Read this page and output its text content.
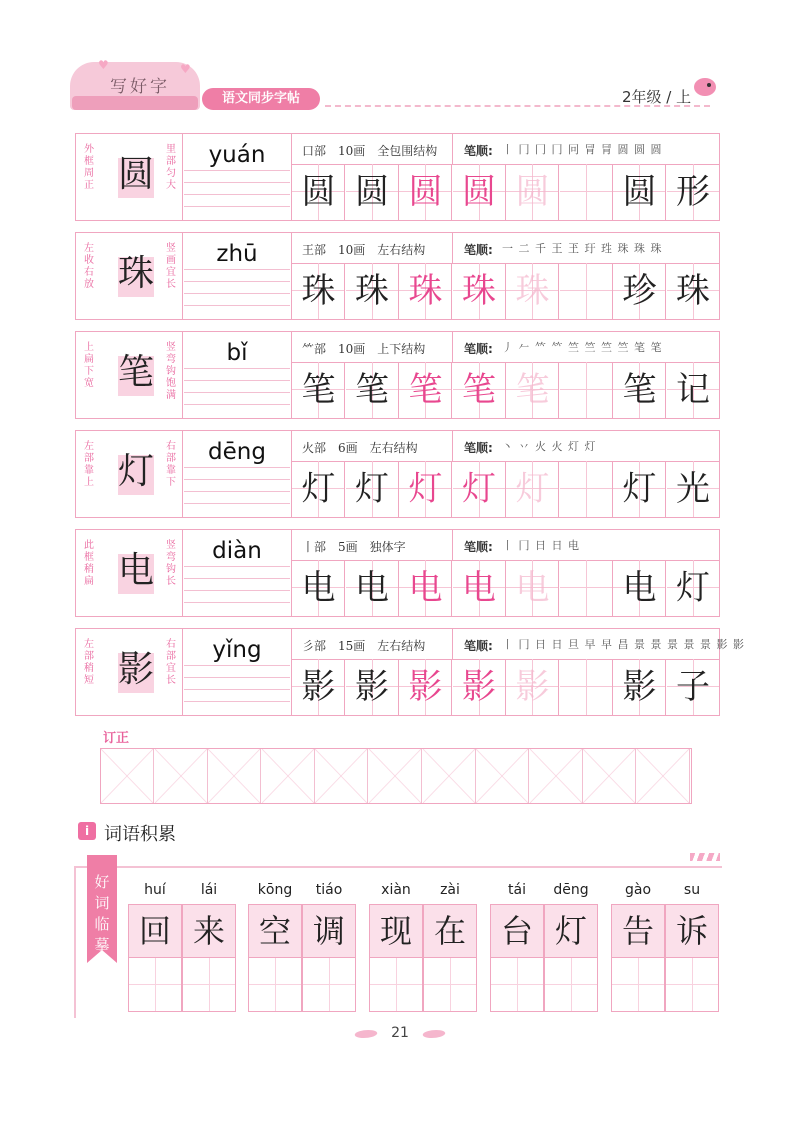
写好字
语文同步字帖	2年级 / 上
♥	♥
外框周正 圆
里部匀大
yuán	口部　10画　全包围结构 笔顺: 丨 冂 冂 冂 冋 冐 冐 圆 圆 圆
圆 圆 圆 圆 圆 圆 形
左收右放 珠
竖画宜长
zhū	王部　10画　左右结构	笔顺: 一 二 千 王 玊 玗 珄 珠 珠 珠
珠 珠 珠 珠 珠 珍 珠
上扁下宽 笔
竖弯钩饱满
bǐ	⺮部　10画　上下结构	笔顺: 丿 𠂉 𥫗 𥫗 竺 竺 竺 竺 笔 笔
笔 笔 笔 笔 笔 笔 记
左部靠上 灯
右部靠下
dēng	火部　6画　左右结构	笔顺: 丶 丷 火 火 灯 灯
灯 灯 灯 灯 灯 灯 光
此框稍扁 电
竖弯钩长
diàn	丨部　5画　独体字	笔顺: 丨 冂 日 日 电
电 电 电 电 电 电 灯
左部稍短 影
右部宜长
yǐng	彡部　15画　左右结构	笔顺: 丨 冂 日 日 旦 早 早 昌 景 景 景 景 景 影 影
影 影 影 影 影 影 子
订正
i 词语积累
好词临摹
huí
回
lái
来
kōng
空
tiáo
调
xiàn
现
zài
在
tái
台
dēng
灯
gào
告
su
诉
21
